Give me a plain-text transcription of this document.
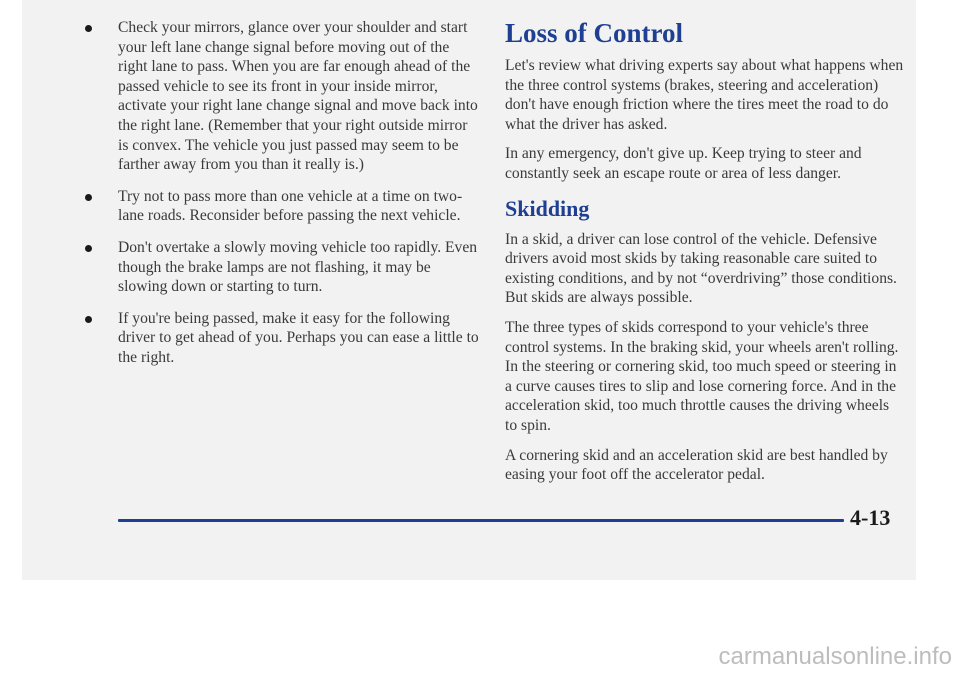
Check your mirrors, glance over your shoulder and start your left lane change signal before moving out of the right lane to pass. When you are far enough ahead of the passed vehicle to see its front in your inside mirror, activate your right lane change signal and move back into the right lane. (Remember that your right outside mirror is convex. The vehicle you just passed may seem to be farther away from you than it really is.)
Try not to pass more than one vehicle at a time on two-lane roads. Reconsider before passing the next vehicle.
Don't overtake a slowly moving vehicle too rapidly. Even though the brake lamps are not flashing, it may be slowing down or starting to turn.
If you're being passed, make it easy for the following driver to get ahead of you. Perhaps you can ease a little to the right.
Loss of Control

Let's review what driving experts say about what happens when the three control systems (brakes, steering and acceleration) don't have enough friction where the tires meet the road to do what the driver has asked.

In any emergency, don't give up. Keep trying to steer and constantly seek an escape route or area of less danger.

Skidding

In a skid, a driver can lose control of the vehicle. Defensive drivers avoid most skids by taking reasonable care suited to existing conditions, and by not “overdriving” those conditions. But skids are always possible.

The three types of skids correspond to your vehicle's three control systems. In the braking skid, your wheels aren't rolling. In the steering or cornering skid, too much speed or steering in a curve causes tires to slip and lose cornering force. And in the acceleration skid, too much throttle causes the driving wheels to spin.

A cornering skid and an acceleration skid are best handled by easing your foot off the accelerator pedal.

4-13
carmanualsonline.info
